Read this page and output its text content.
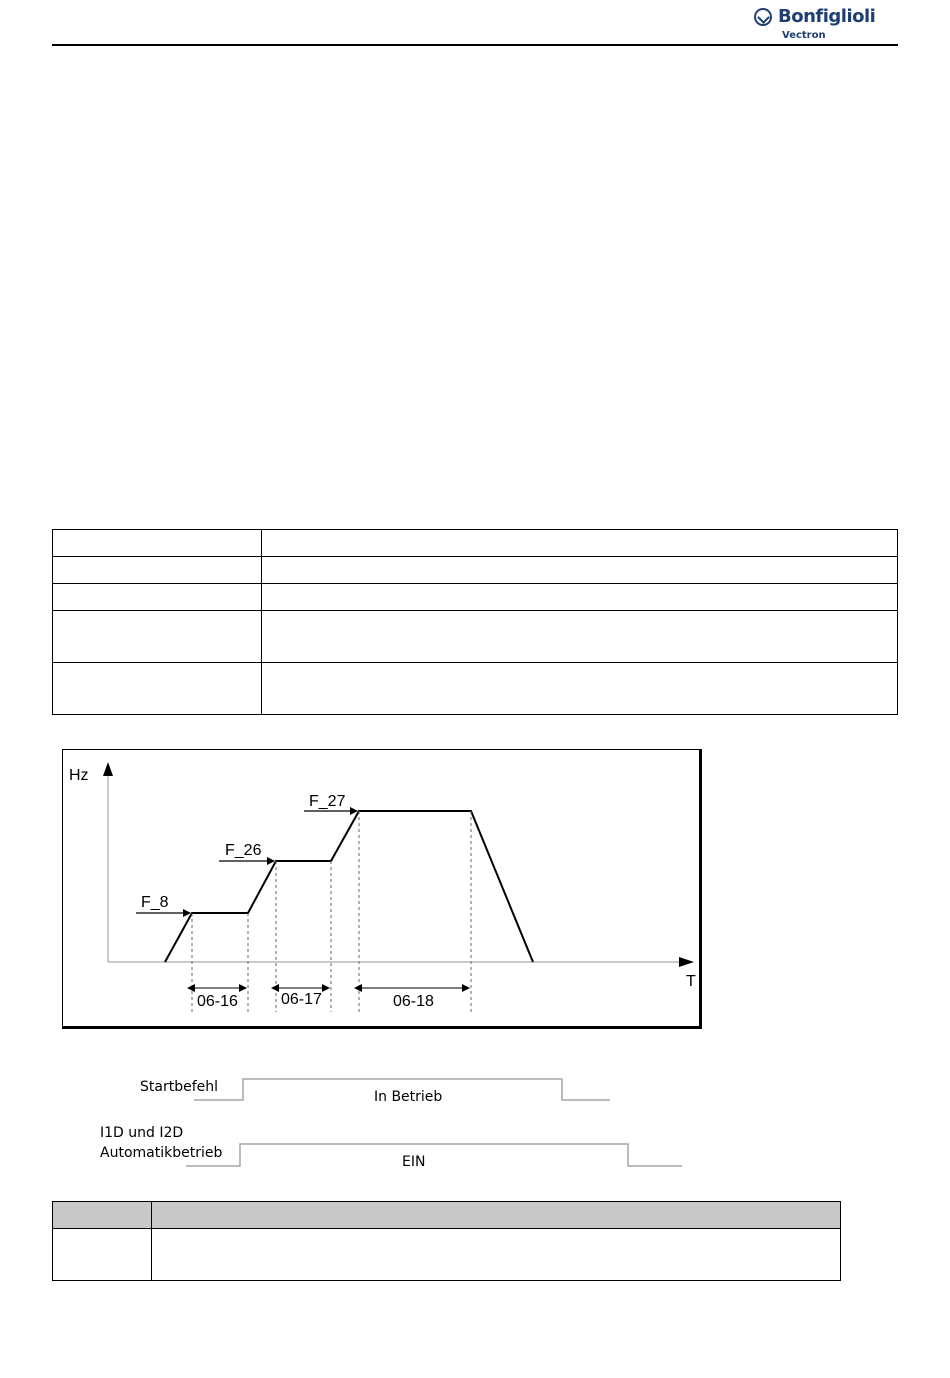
Bonfiglioli
Vectron

Hz
T
F_8
F_26
F_27
06-16	06-17	06-18
Startbefehl
In Betrieb
I1D und I2D
Automatikbetrieb
EIN
